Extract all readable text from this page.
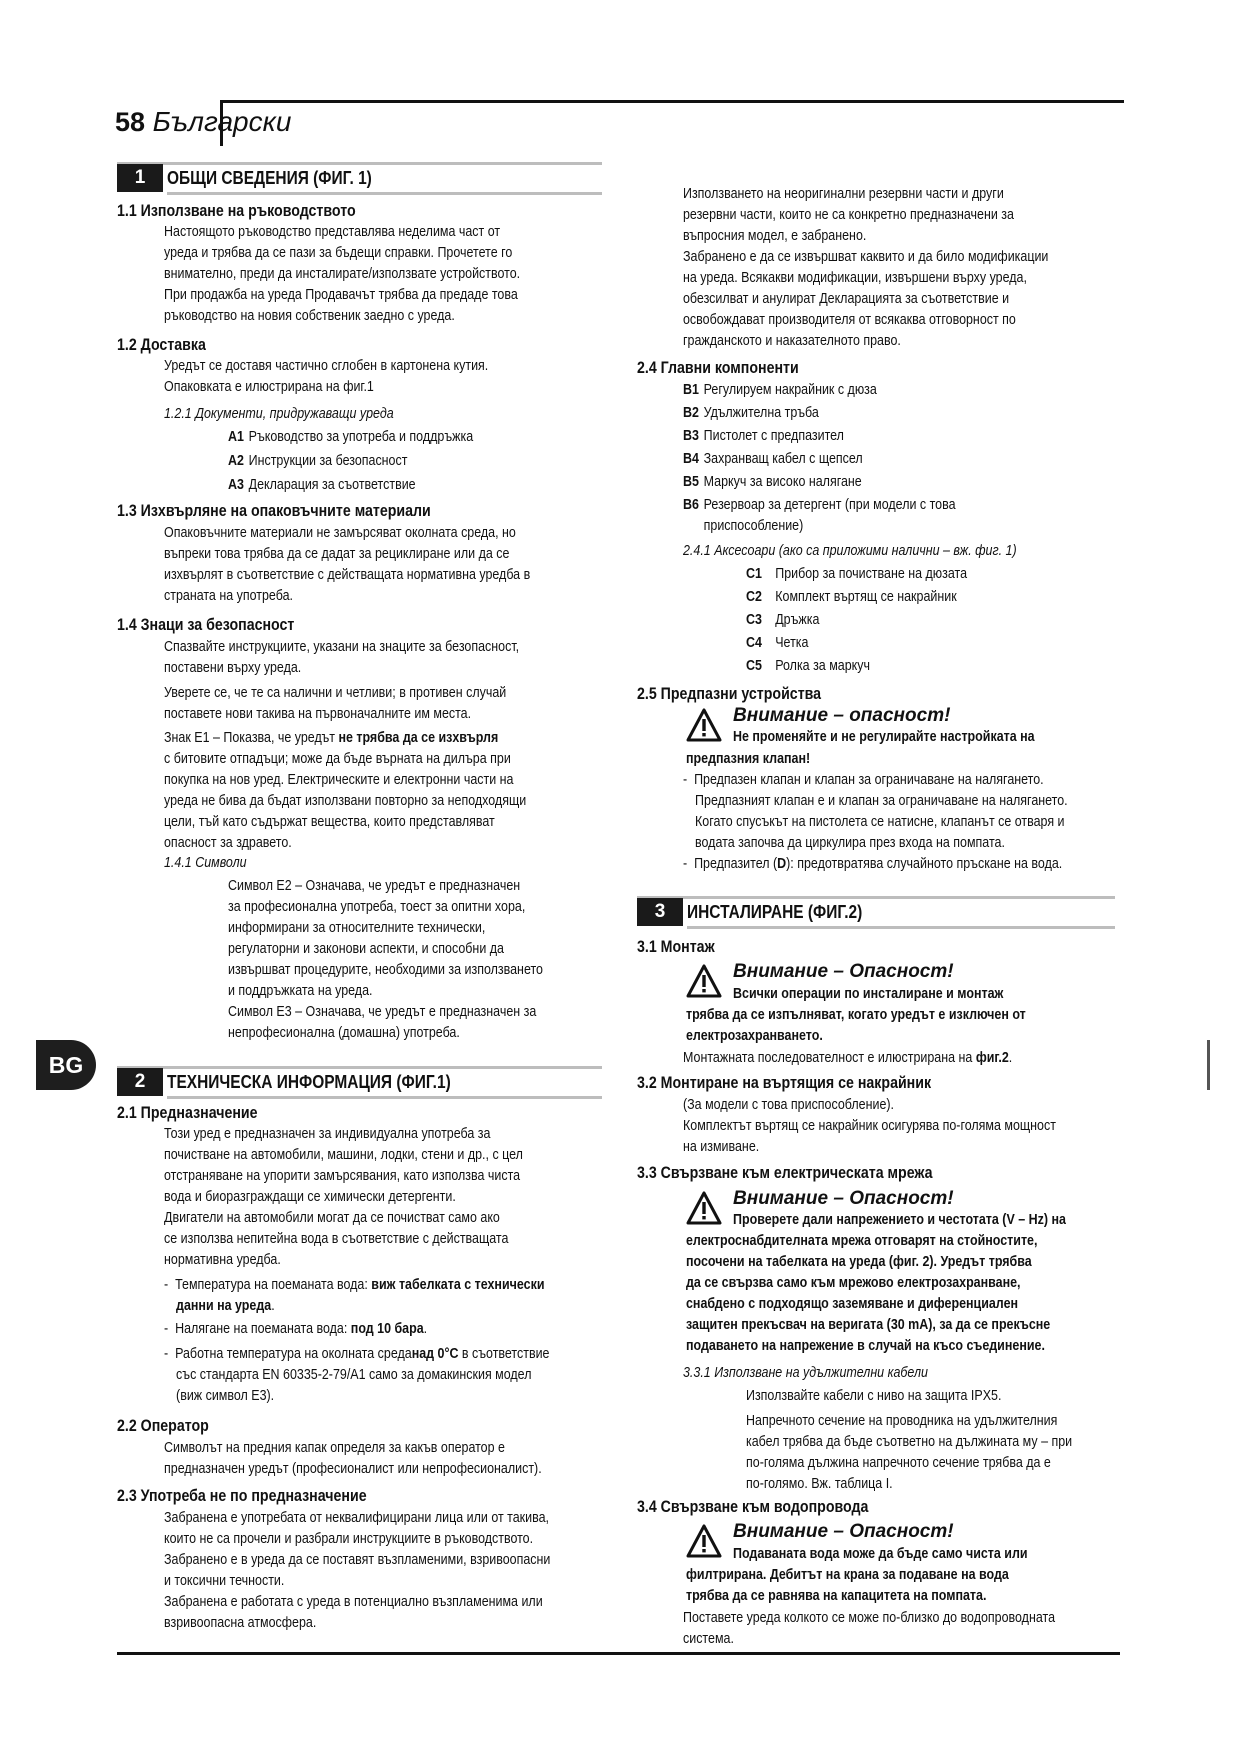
58 Български
BG
1	ОБЩИ СВЕДЕНИЯ (ФИГ. 1)
1.1 Използване на ръководството
Настоящото ръководство представлява неделима част от
уреда и трябва да се пази за бъдещи справки. Прочетете го
внимателно, преди да инсталирате/използвате устройството.
При продажба на уреда Продавачът трябва да предаде това
ръководство на новия собственик заедно с уреда.
1.2 Доставка
Уредът се доставя частично сглобен в картонена кутия.
Опаковката е илюстрирана на фиг.1
1.2.1 Документи, придружаващи уреда
A1 Ръководство за употреба и поддръжка
A2 Инструкции за безопасност
A3 Декларация за съответствие
1.3 Изхвърляне на опаковъчните материали
Опаковъчните материали не замърсяват околната среда, но
въпреки това трябва да се дадат за рециклиране или да се
изхвърлят в съответствие с действащата нормативна уредба в
страната на употреба.
1.4 Знаци за безопасност
Спазвайте инструкциите, указани на знаците за безопасност,
поставени върху уреда.
Уверете се, че те са налични и четливи; в противен случай
поставете нови такива на първоначалните им места.
Знак E1 – Показва, че уредът не трябва да се изхвърля
с битовите отпадъци; може да бъде върната на дилъра при
покупка на нов уред. Електрическите и електронни части на
уреда не бива да бъдат използвани повторно за неподходящи
цели, тъй като съдържат вещества, които представляват
опасност за здравето.
1.4.1 Символи
Символ E2 – Означава, че уредът е предназначен
за професионална употреба, тоест за опитни хора,
информирани за относителните технически,
регулаторни и законови аспекти, и способни да
извършват процедурите, необходими за използването
и поддръжката на уреда.
Символ E3 – Означава, че уредът е предназначен за
непрофесионална (домашна) употреба.
2	ТЕХНИЧЕСКА ИНФОРМАЦИЯ (ФИГ.1)
2.1 Предназначение
Този уред е предназначен за индивидуална употреба за
почистване на автомобили, машини, лодки, стени и др., с цел
отстраняване на упорити замърсявания, като използва чиста
вода и биоразграждащи се химически детергенти.
Двигатели на автомобили могат да се почистват само ако
се използва непитейна вода в съответствие с действащата
нормативна уредба.
-  Температура на поеманата вода: виж табелката с технически
данни на уреда.
-  Налягане на поеманата вода: под 10 бара.
-  Работна температура на околната среданад 0°C в съответствие
със стандарта EN 60335-2-79/A1 само за домакинския модел
(виж символ E3).
2.2 Оператор
Символът на предния капак определя за какъв оператор е
предназначен уредът (професионалист или непрофесионалист).
2.3 Употреба не по предназначение
Забранена е употребата от неквалифицирани лица или от такива,
които не са прочели и разбрали инструкциите в ръководството.
Забранено е в уреда да се поставят възпламеними, взривоопасни
и токсични течности.
Забранена е работата с уреда в потенциално възпламенима или
взривоопасна атмосфера.
Използването на неоригинални резервни части и други
резервни части, които не са конкретно предназначени за
въпросния модел, е забранено.
Забранено е да се извършват каквито и да било модификации
на уреда. Всякакви модификации, извършени върху уреда,
обезсилват и анулират Декларацията за съответствие и
освобождават производителя от всякаква отговорност по
гражданското и наказателното право.
2.4 Главни компоненти
B1 Регулируем накрайник с дюза
B2 Удължителна тръба
B3 Пистолет с предпазител
B4 Захранващ кабел с щепсел
B5 Маркуч за високо налягане
B6 Резервоар за детергент (при модели с това
приспособление)
2.4.1 Аксесоари (ако са приложими налични – вж. фиг. 1)
C1 Прибор за почистване на дюзата
C2 Комплект въртящ се накрайник
C3 Дръжка
C4 Четка
C5 Ролка за маркуч
2.5 Предпазни устройства
Внимание – опасност!
Не променяйте и не регулирайте настройката на
предпазния клапан!
-  Предпазен клапан и клапан за ограничаване на налягането.
Предпазният клапан е и клапан за ограничаване на налягането.
Когато спусъкът на пистолета се натисне, клапанът се отваря и
водата започва да циркулира през входа на помпата.
-  Предпазител (D): предотвратява случайното пръскане на вода.
3	ИНСТАЛИРАНЕ (ФИГ.2)
3.1 Монтаж
Внимание – Опасност!
Всички операции по инсталиране и монтаж
трябва да се изпълняват, когато уредът е изключен от
електрозахранването.
Монтажната последователност е илюстрирана на фиг.2.
3.2 Монтиране на въртящия се накрайник
(За модели с това приспособление).
Комплектът въртящ се накрайник осигурява по-голяма мощност
на измиване.
3.3 Свързване към електрическата мрежа
Внимание – Опасност!
Проверете дали напрежението и честотата (V – Hz) на
електроснабдителната мрежа отговарят на стойностите,
посочени на табелката на уреда (фиг. 2). Уредът трябва
да се свързва само към мрежово електрозахранване,
снабдено с подходящо заземяване и диференциален
защитен прекъсвач на веригата (30 mA), за да се прекъсне
подаването на напрежение в случай на късо съединение.
3.3.1 Използване на удължителни кабели
Използвайте кабели с ниво на защита IPX5.
Напречното сечение на проводника на удължителния
кабел трябва да бъде съответно на дължината му – при
по-голяма дължина напречното сечение трябва да е
по-голямо. Вж. таблица I.
3.4 Свързване към водопровода
Внимание – Опасност!
Подаваната вода може да бъде само чиста или
филтрирана. Дебитът на крана за подаване на вода
трябва да се равнява на капацитета на помпата.
Поставете уреда колкото се може по-близко до водопроводната
система.
